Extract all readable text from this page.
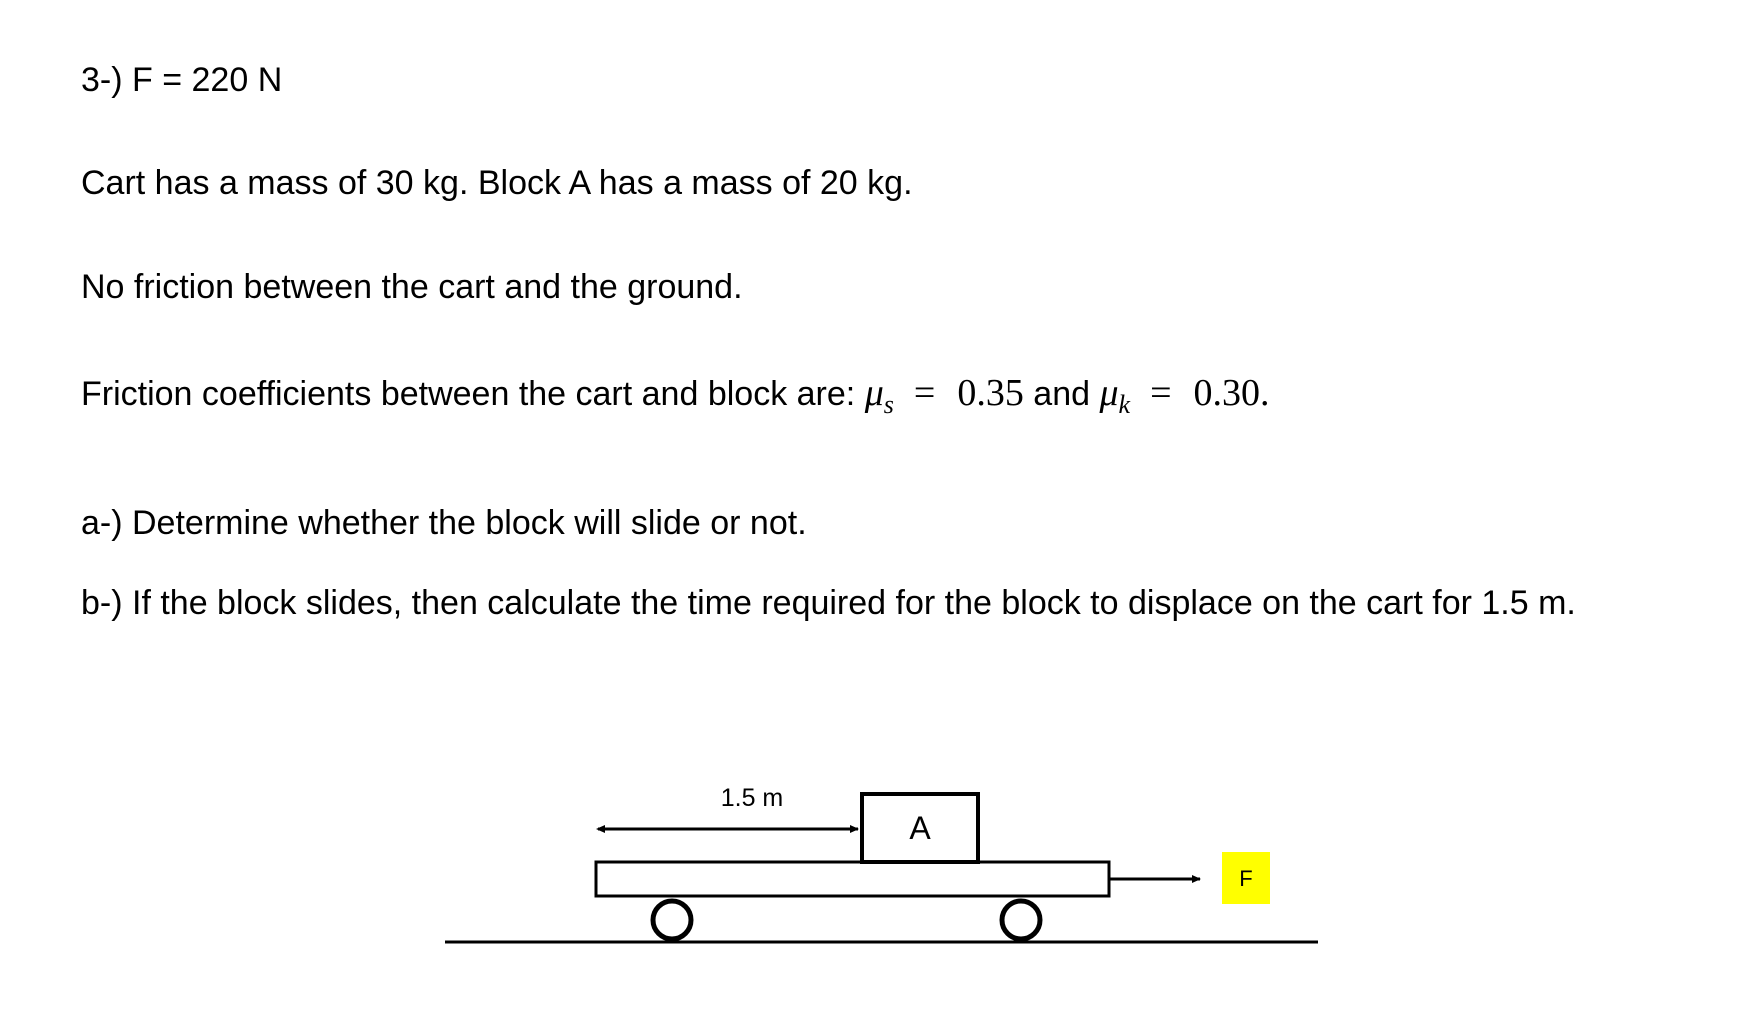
3-) F = 220 N
Cart has a mass of 30 kg. Block A has a mass of 20 kg.
No friction between the cart and the ground.
Friction coefficients between the cart and block are: $\mu_s = 0.35$ and $\mu_k = 0.30$.
a-) Determine whether the block will slide or not.
b-) If the block slides, then calculate the time required for the block to displace on the cart for 1.5 m.
A
1.5 m
F
